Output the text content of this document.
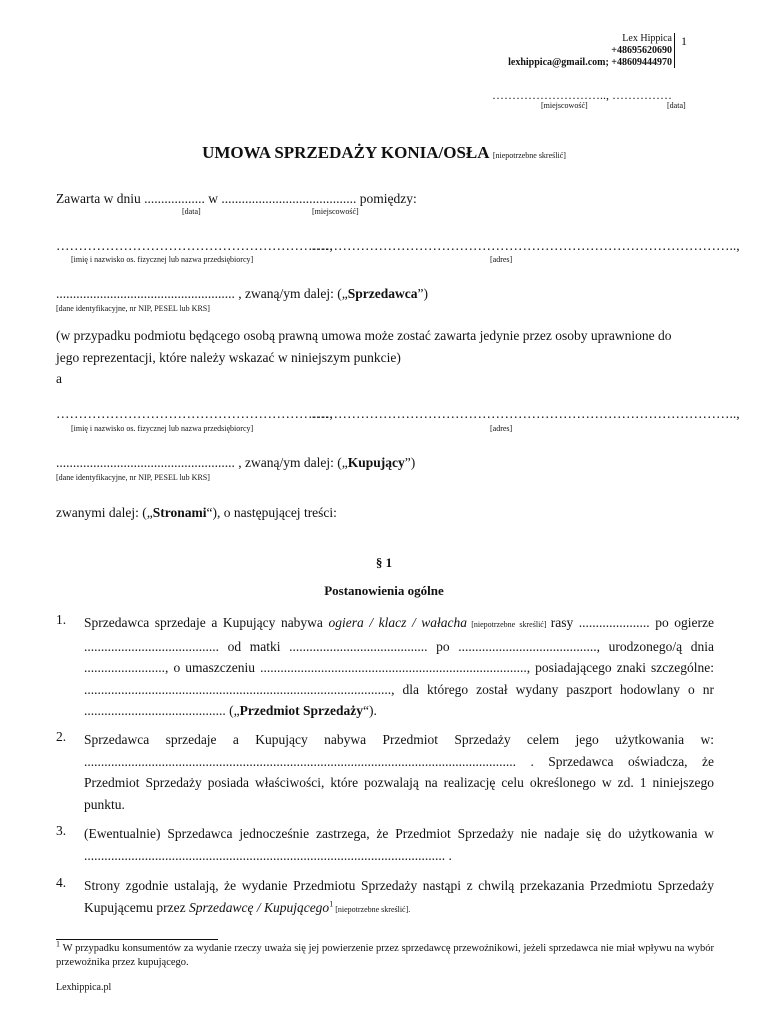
Lex Hippica
+48695620690
lexhippica@gmail.com; +48609444970
1
……………………….., ……………
[miejscowość]	[data]
UMOWA SPRZEDAŻY KONIA/OSŁA [niepotrzebne skreślić]
Zawarta w dniu .................. w ........................................ pomiędzy:
[data]	[miejscowość]
…………………………………………………….,
…………………………………………………………………………………..,
[imię i nazwisko os. fizycznej lub nazwa przedsiębiorcy]	[adres]
..................................................... , zwaną/ym dalej: („Sprzedawca”)
[dane identyfikacyjne, nr NIP, PESEL lub KRS]
(w przypadku podmiotu będącego osobą prawną umowa może zostać zawarta jedynie przez osoby uprawnione do jego reprezentacji, które należy wskazać w niniejszym punkcie)
a
…………………………………………………….,
…………………………………………………………………………………..,
[imię i nazwisko os. fizycznej lub nazwa przedsiębiorcy]	[adres]
..................................................... , zwaną/ym dalej: („Kupujący”)
[dane identyfikacyjne, nr NIP, PESEL lub KRS]
zwanymi dalej: („Stronami“), o następującej treści:
§ 1
Postanowienia ogólne
1. Sprzedawca sprzedaje a Kupujący nabywa ogiera / klacz / wałacha [niepotrzebne skreślić] rasy ..................... po ogierze ........................................ od matki ......................................... po ........................................., urodzonego/ą dnia ........................, o umaszczeniu ..............................................................................., posiadającego znaki szczególne: ..........................................................................................., dla którego został wydany paszport hodowlany o nr .......................................... („Przedmiot Sprzedaży“).
2. Sprzedawca sprzedaje a Kupujący nabywa Przedmiot Sprzedaży celem jego użytkowania w: ................................................................................................................................ . Sprzedawca oświadcza, że Przedmiot Sprzedaży posiada właściwości, które pozwalają na realizację celu określonego w zd. 1 niniejszego punktu.
3. (Ewentualnie) Sprzedawca jednocześnie zastrzega, że Przedmiot Sprzedaży nie nadaje się do użytkowania w ........................................................................................................... .
4. Strony zgodnie ustalają, że wydanie Przedmiotu Sprzedaży nastąpi z chwilą przekazania Przedmiotu Sprzedaży Kupującemu przez Sprzedawcę / Kupującego$^1$ [niepotrzebne skreślić].
$^1$ W przypadku konsumentów za wydanie rzeczy uważa się jej powierzenie przez sprzedawcę przewoźnikowi, jeżeli sprzedawca nie miał wpływu na wybór przewoźnika przez kupującego.
Lexhippica.pl
